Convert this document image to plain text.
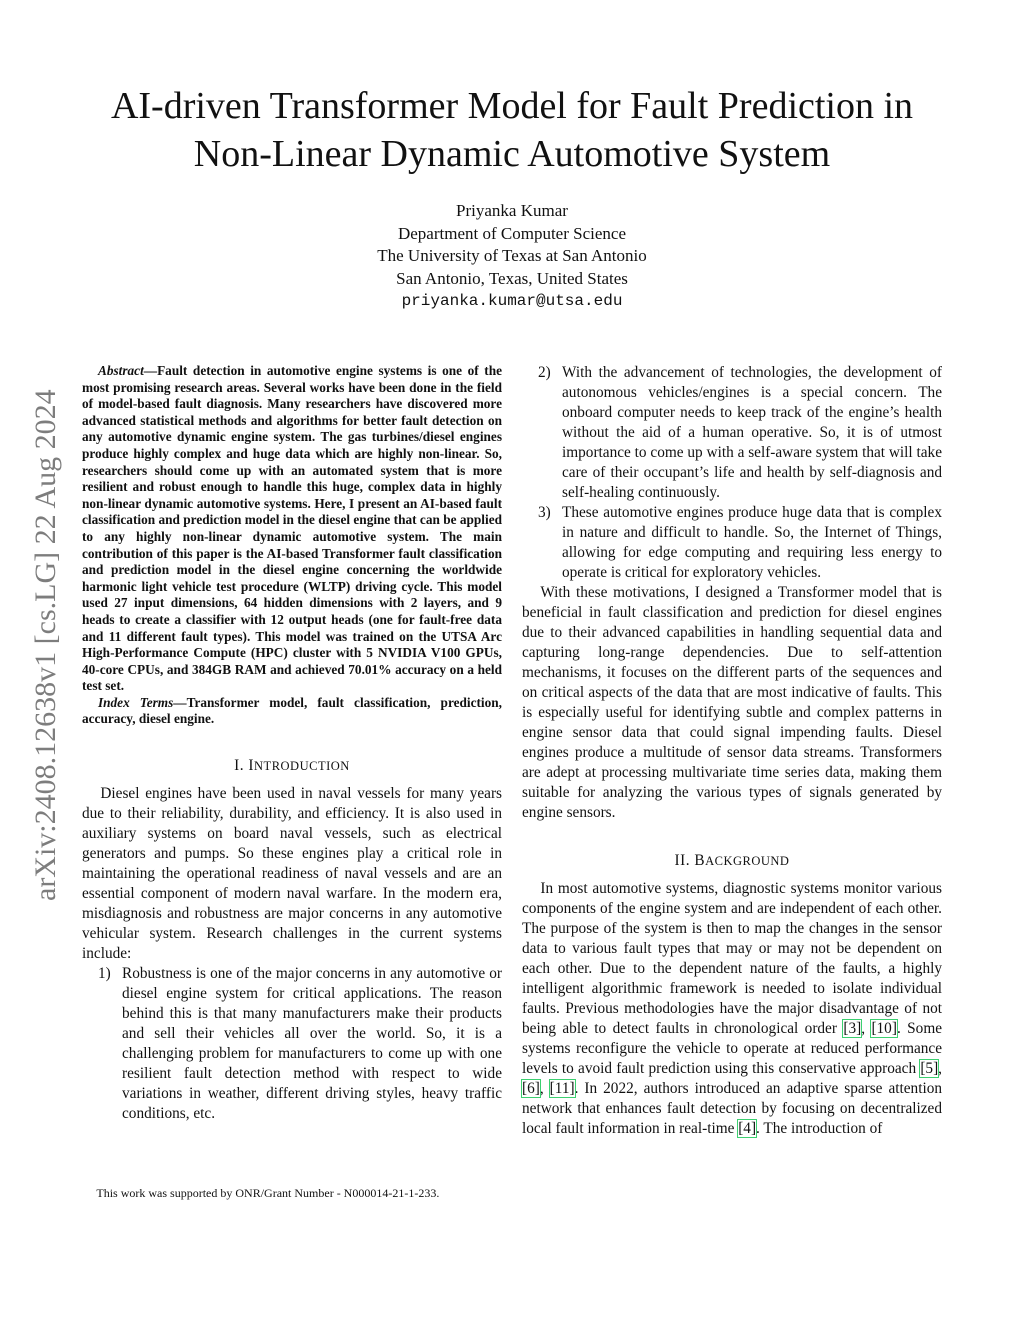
arXiv:2408.12638v1 [cs.LG] 22 Aug 2024
AI-driven Transformer Model for Fault Prediction in Non-Linear Dynamic Automotive System
Priyanka Kumar
Department of Computer Science
The University of Texas at San Antonio
San Antonio, Texas, United States
priyanka.kumar@utsa.edu

Abstract—Fault detection in automotive engine systems is one of the most promising research areas. Several works have been done in the field of model-based fault diagnosis. Many researchers have discovered more advanced statistical methods and algorithms for better fault detection on any automotive dynamic engine system. The gas turbines/diesel engines produce highly complex and huge data which are highly non-linear. So, researchers should come up with an automated system that is more resilient and robust enough to handle this huge, complex data in highly non-linear dynamic automotive systems. Here, I present an AI-based fault classification and prediction model in the diesel engine that can be applied to any highly non-linear dynamic automotive system. The main contribution of this paper is the AI-based Transformer fault classification and prediction model in the diesel engine concerning the worldwide harmonic light vehicle test procedure (WLTP) driving cycle. This model used 27 input dimensions, 64 hidden dimensions with 2 layers, and 9 heads to create a classifier with 12 output heads (one for fault-free data and 11 different fault types). This model was trained on the UTSA Arc High-Performance Compute (HPC) cluster with 5 NVIDIA V100 GPUs, 40-core CPUs, and 384GB RAM and achieved 70.01% accuracy on a held test set.

Index Terms—Transformer model, fault classification, prediction, accuracy, diesel engine.

I. INTRODUCTION

Diesel engines have been used in naval vessels for many years due to their reliability, durability, and efficiency. It is also used in auxiliary systems on board naval vessels, such as electrical generators and pumps. So these engines play a critical role in maintaining the operational readiness of naval vessels and are an essential component of modern naval warfare. In the modern era, misdiagnosis and robustness are major concerns in any automotive vehicular system. Research challenges in the current systems include:

1) Robustness is one of the major concerns in any automotive or diesel engine system for critical applications. The reason behind this is that many manufacturers make their products and sell their vehicles all over the world. So, it is a challenging problem for manufacturers to come up with one resilient fault detection method with respect to wide variations in weather, different driving styles, heavy traffic conditions, etc.
2) With the advancement of technologies, the development of autonomous vehicles/engines is a special concern. The onboard computer needs to keep track of the engine’s health without the aid of a human operative. So, it is of utmost importance to come up with a self-aware system that will take care of their occupant’s life and health by self-diagnosis and self-healing continuously.
3) These automotive engines produce huge data that is complex in nature and difficult to handle. So, the Internet of Things, allowing for edge computing and requiring less energy to operate is critical for exploratory vehicles.

With these motivations, I designed a Transformer model that is beneficial in fault classification and prediction for diesel engines due to their advanced capabilities in handling sequential data and capturing long-range dependencies. Due to self-attention mechanisms, it focuses on the different parts of the sequences and on critical aspects of the data that are most indicative of faults. This is especially useful for identifying subtle and complex patterns in engine sensor data that could signal impending faults. Diesel engines produce a multitude of sensor data streams. Transformers are adept at processing multivariate time series data, making them suitable for analyzing the various types of signals generated by engine sensors.

II. BACKGROUND

In most automotive systems, diagnostic systems monitor various components of the engine system and are independent of each other. The purpose of the system is then to map the changes in the sensor data to various fault types that may or may not be dependent on each other. Due to the dependent nature of the faults, a highly intelligent algorithmic framework is needed to isolate individual faults. Previous methodologies have the major disadvantage of not being able to detect faults in chronological order [3], [10]. Some systems reconfigure the vehicle to operate at reduced performance levels to avoid fault prediction using this conservative approach [5], [6], [11]. In 2022, authors introduced an adaptive sparse attention network that enhances fault detection by focusing on decentralized local fault information in real-time [4]. The introduction of

This work was supported by ONR/Grant Number - N000014-21-1-233.
